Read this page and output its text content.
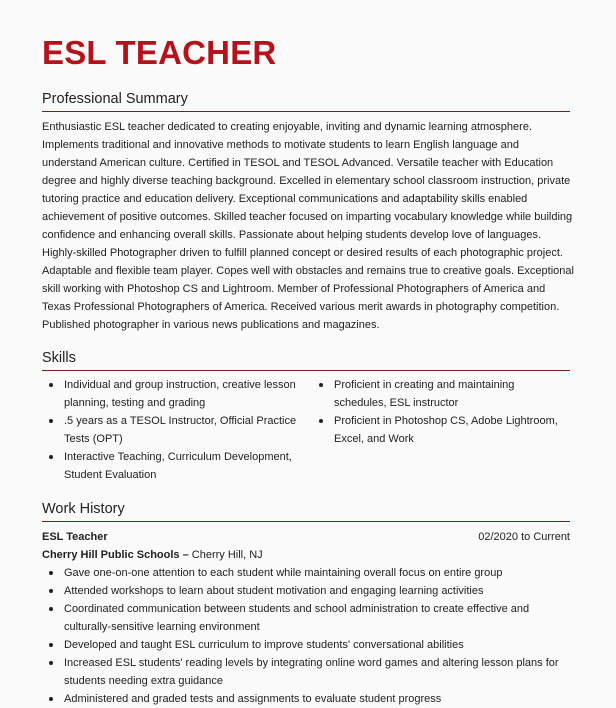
ESL TEACHER
Professional Summary

Enthusiastic ESL teacher dedicated to creating enjoyable, inviting and dynamic learning atmosphere. Implements traditional and innovative methods to motivate students to learn English language and understand American culture. Certified in TESOL and TESOL Advanced. Versatile teacher with Education degree and highly diverse teaching background. Excelled in elementary school classroom instruction, private tutoring practice and education delivery. Exceptional communications and adaptability skills enabled achievement of positive outcomes. Skilled teacher focused on imparting vocabulary knowledge while building confidence and enhancing overall skills. Passionate about helping students develop love of languages.

Highly-skilled Photographer driven to fulfill planned concept or desired results of each photographic project. Adaptable and flexible team player. Copes well with obstacles and remains true to creative goals. Exceptional skill working with Photoshop CS and Lightroom. Member of Professional Photographers of America and Texas Professional Photographers of America. Received various merit awards in photography competition. Published photographer in various news publications and magazines.

Skills
Individual and group instruction, creative lesson planning, testing and grading
.5 years as a TESOL Instructor, Official Practice Tests (OPT)
Interactive Teaching, Curriculum Development, Student Evaluation
Proficient in creating and maintaining schedules, ESL instructor
Proficient in Photoshop CS, Adobe Lightroom, Excel, and Work
Work History
ESL Teacher	02/2020 to Current
Cherry Hill Public Schools – Cherry Hill, NJ
Gave one-on-one attention to each student while maintaining overall focus on entire group
Attended workshops to learn about student motivation and engaging learning activities
Coordinated communication between students and school administration to create effective and culturally-sensitive learning environment
Developed and taught ESL curriculum to improve students' conversational abilities
Increased ESL students' reading levels by integrating online word games and altering lesson plans for students needing extra guidance
Administered and graded tests and assignments to evaluate student progress
